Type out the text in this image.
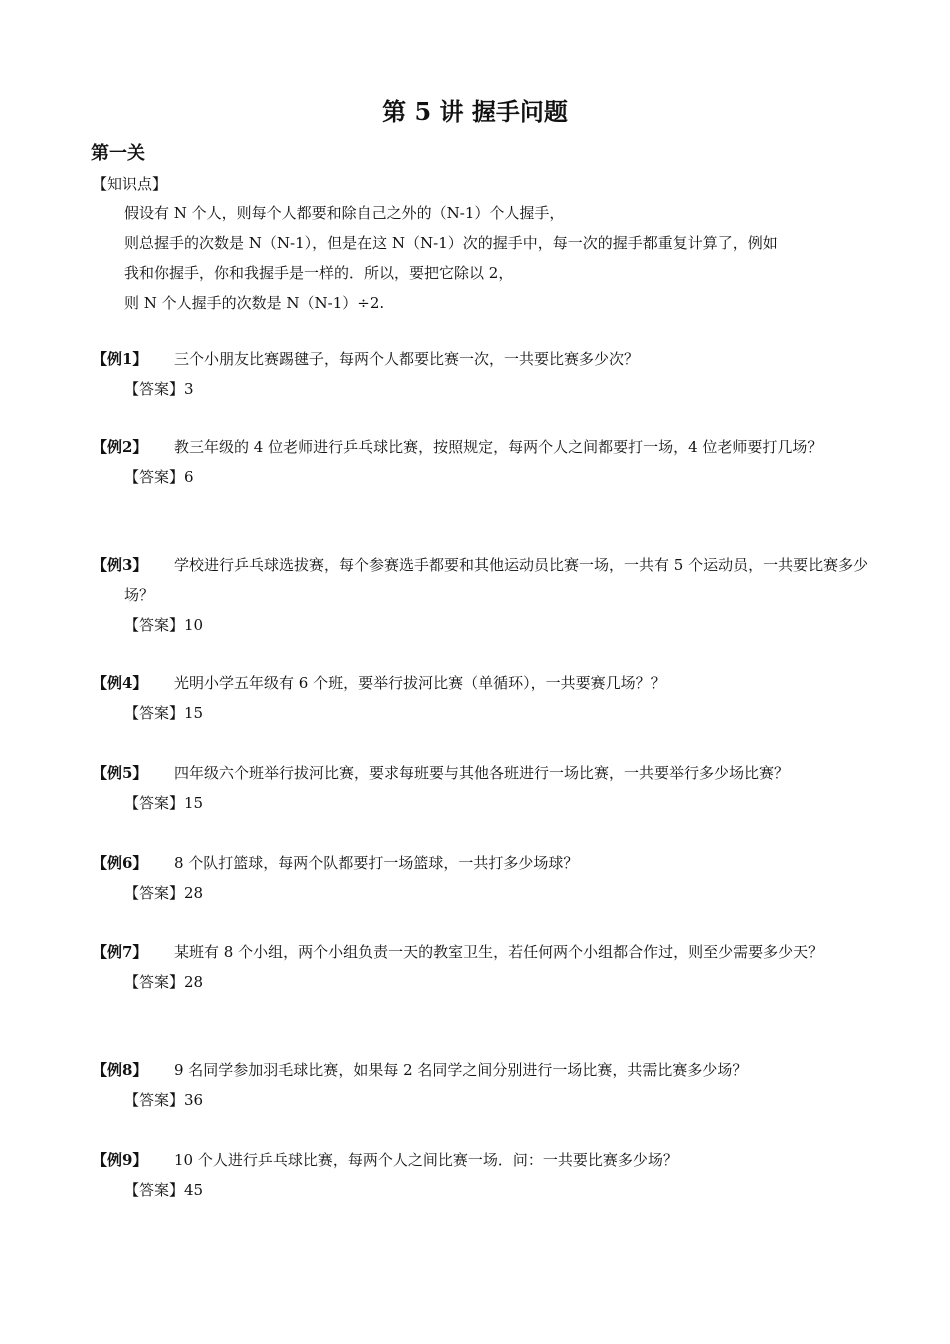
第 5 讲 握手问题
第一关
【知识点】
假设有 N 个人，则每个人都要和除自己之外的（N-1）个人握手，
则总握手的次数是 N（N-1），但是在这 N（N-1）次的握手中，每一次的握手都重复计算了，例如
我和你握手，你和我握手是一样的．所以，要把它除以 2，
则 N 个人握手的次数是 N（N-1）÷2.
【例1】 三个小朋友比赛踢毽子，每两个人都要比赛一次，一共要比赛多少次？
【答案】3
【例2】	教三年级的 4 位老师进行乒乓球比赛，按照规定，每两个人之间都要打一场，4 位老师要打几场？
【答案】6
【例3】	学校进行乒乓球选拔赛，每个参赛选手都要和其他运动员比赛一场，一共有 5 个运动员，一共要比赛多少场？
【答案】10
【例4】 光明小学五年级有 6 个班，要举行拔河比赛（单循环），一共要赛几场？？
【答案】15
【例5】 四年级六个班举行拔河比赛，要求每班要与其他各班进行一场比赛，一共要举行多少场比赛？
【答案】15
【例6】 8 个队打篮球，每两个队都要打一场篮球，一共打多少场球？
【答案】28
【例7】	某班有 8 个小组，两个小组负责一天的教室卫生，若任何两个小组都合作过，则至少需要多少天？
【答案】28
【例8】 9 名同学参加羽毛球比赛，如果每 2 名同学之间分别进行一场比赛，共需比赛多少场？
【答案】36
【例9】 10 个人进行乒乓球比赛，每两个人之间比赛一场．问：一共要比赛多少场？
【答案】45
